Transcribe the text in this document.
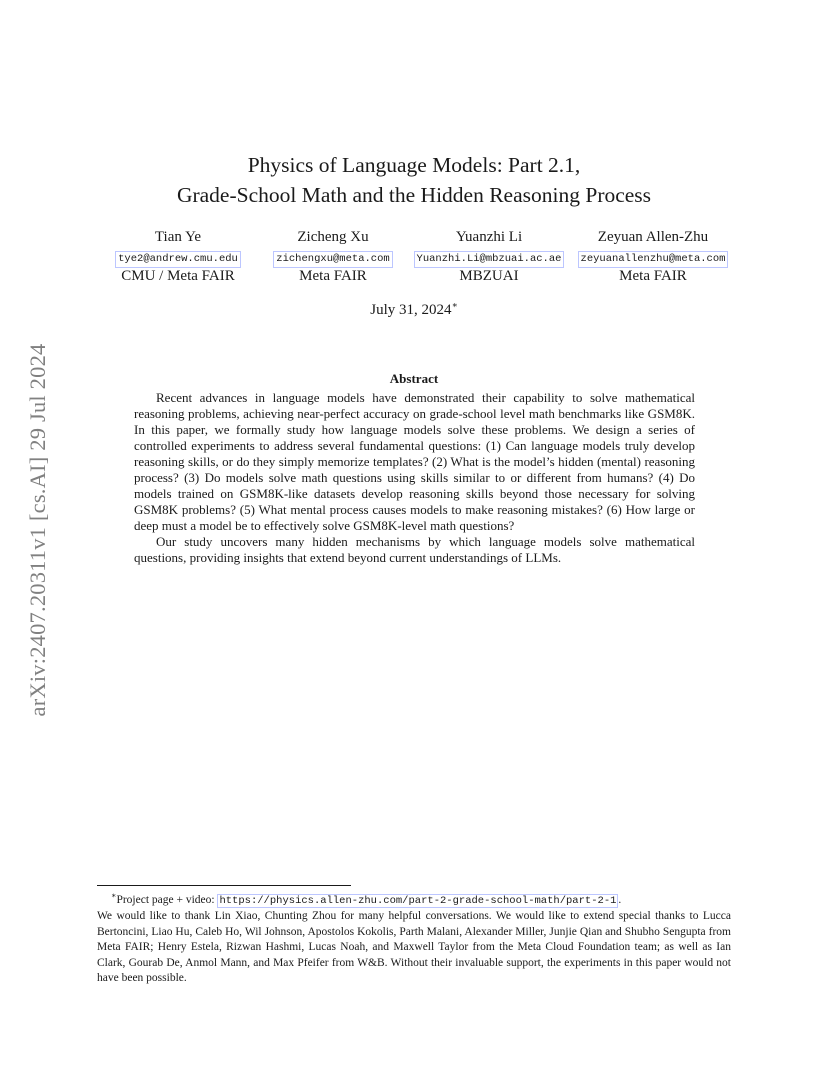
arXiv:2407.20311v1 [cs.AI] 29 Jul 2024
Physics of Language Models: Part 2.1,
Grade-School Math and the Hidden Reasoning Process
Tian Ye
tye2@andrew.cmu.edu
CMU / Meta FAIR
Zicheng Xu
zichengxu@meta.com
Meta FAIR
Yuanzhi Li
Yuanzhi.Li@mbzuai.ac.ae
MBZUAI
Zeyuan Allen-Zhu
zeyuanallenzhu@meta.com
Meta FAIR
July 31, 2024∗
Abstract

Recent advances in language models have demonstrated their capability to solve mathematical reasoning problems, achieving near-perfect accuracy on grade-school level math benchmarks like GSM8K. In this paper, we formally study how language models solve these problems. We design a series of controlled experiments to address several fundamental questions: (1) Can language models truly develop reasoning skills, or do they simply memorize templates? (2) What is the model’s hidden (mental) reasoning process? (3) Do models solve math questions using skills similar to or different from humans? (4) Do models trained on GSM8K-like datasets develop reasoning skills beyond those necessary for solving GSM8K problems? (5) What mental process causes models to make reasoning mistakes? (6) How large or deep must a model be to effectively solve GSM8K-level math questions?

Our study uncovers many hidden mechanisms by which language models solve mathematical questions, providing insights that extend beyond current understandings of LLMs.

∗Project page + video: https://physics.allen-zhu.com/part-2-grade-school-math/part-2-1 .

We would like to thank Lin Xiao, Chunting Zhou for many helpful conversations. We would like to extend special thanks to Lucca Bertoncini, Liao Hu, Caleb Ho, Wil Johnson, Apostolos Kokolis, Parth Malani, Alexander Miller, Junjie Qian and Shubho Sengupta from Meta FAIR; Henry Estela, Rizwan Hashmi, Lucas Noah, and Maxwell Taylor from the Meta Cloud Foundation team; as well as Ian Clark, Gourab De, Anmol Mann, and Max Pfeifer from W&B. Without their invaluable support, the experiments in this paper would not have been possible.
